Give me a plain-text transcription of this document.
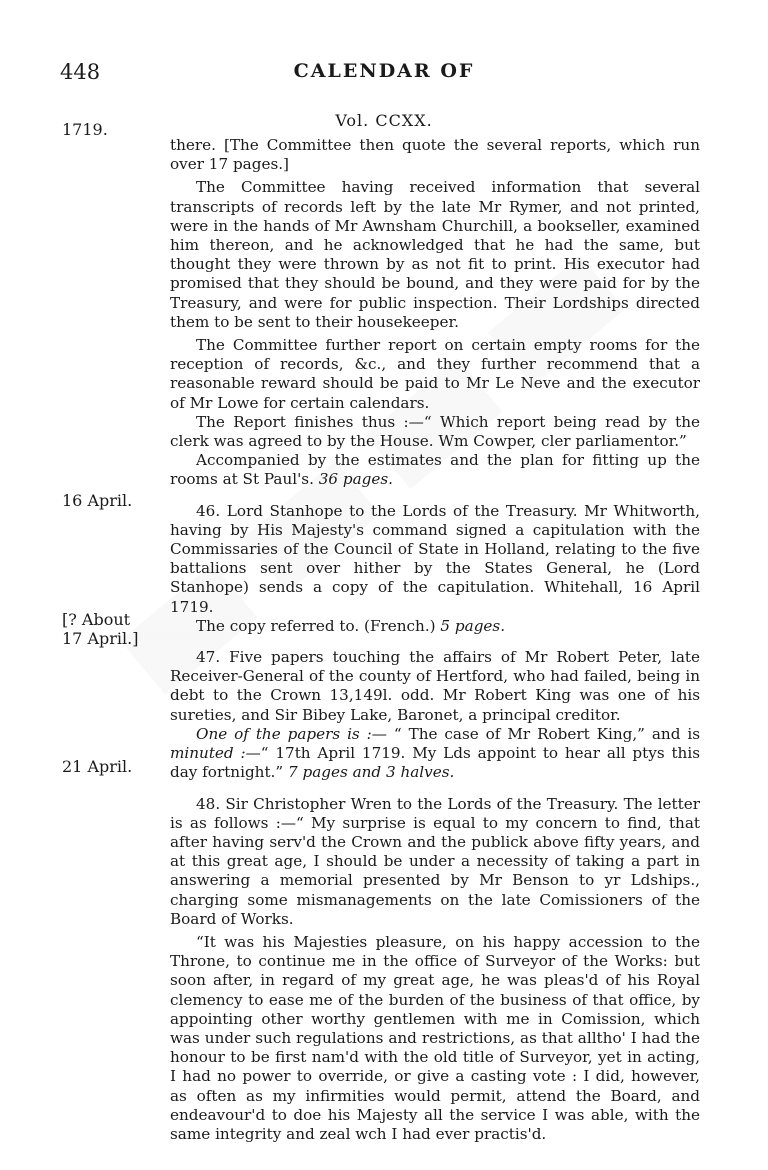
448	CALENDAR OF
Vol. CCXX.
1719.
16 April.
[? About
17 April.]
21 April.

there. [The Committee then quote the several reports, which run over 17 pages.]

The Committee having received information that several transcripts of records left by the late Mr Rymer, and not printed, were in the hands of Mr Awnsham Churchill, a bookseller, examined him thereon, and he acknowledged that he had the same, but thought they were thrown by as not fit to print. His executor had promised that they should be bound, and they were paid for by the Treasury, and were for public inspection. Their Lordships directed them to be sent to their housekeeper.

The Committee further report on certain empty rooms for the reception of records, &c., and they further recommend that a reasonable reward should be paid to Mr Le Neve and the executor of Mr Lowe for certain calendars.

The Report finishes thus :—“ Which report being read by the clerk was agreed to by the House. Wm Cowper, cler parliamentor.”

Accompanied by the estimates and the plan for fitting up the rooms at St Paul's. 36 pages.

46. Lord Stanhope to the Lords of the Treasury. Mr Whitworth, having by His Majesty's command signed a capitulation with the Commissaries of the Council of State in Holland, relating to the five battalions sent over hither by the States General, he (Lord Stanhope) sends a copy of the capitulation. Whitehall, 16 April 1719.

The copy referred to. (French.) 5 pages.

47. Five papers touching the affairs of Mr Robert Peter, late Receiver-General of the county of Hertford, who had failed, being in debt to the Crown 13,149l. odd. Mr Robert King was one of his sureties, and Sir Bibey Lake, Baronet, a principal creditor.

One of the papers is :— “ The case of Mr Robert King,” and is minuted :—“ 17th April 1719. My Lds appoint to hear all ptys this day fortnight.” 7 pages and 3 halves.

48. Sir Christopher Wren to the Lords of the Treasury. The letter is as follows :—“ My surprise is equal to my concern to find, that after having serv'd the Crown and the publick above fifty years, and at this great age, I should be under a necessity of taking a part in answering a memorial presented by Mr Benson to yr Ldships., charging some mismanagements on the late Comissioners of the Board of Works.

“It was his Majesties pleasure, on his happy accession to the Throne, to continue me in the office of Surveyor of the Works: but soon after, in regard of my great age, he was pleas'd of his Royal clemency to ease me of the burden of the business of that office, by appointing other worthy gentlemen with me in Comission, which was under such regulations and restrictions, as that alltho' I had the honour to be first nam'd with the old title of Surveyor, yet in acting, I had no power to override, or give a casting vote : I did, however, as often as my infirmities would permit, attend the Board, and endeavour'd to doe his Majesty all the service I was able, with the same integrity and zeal wch I had ever practis'd.
